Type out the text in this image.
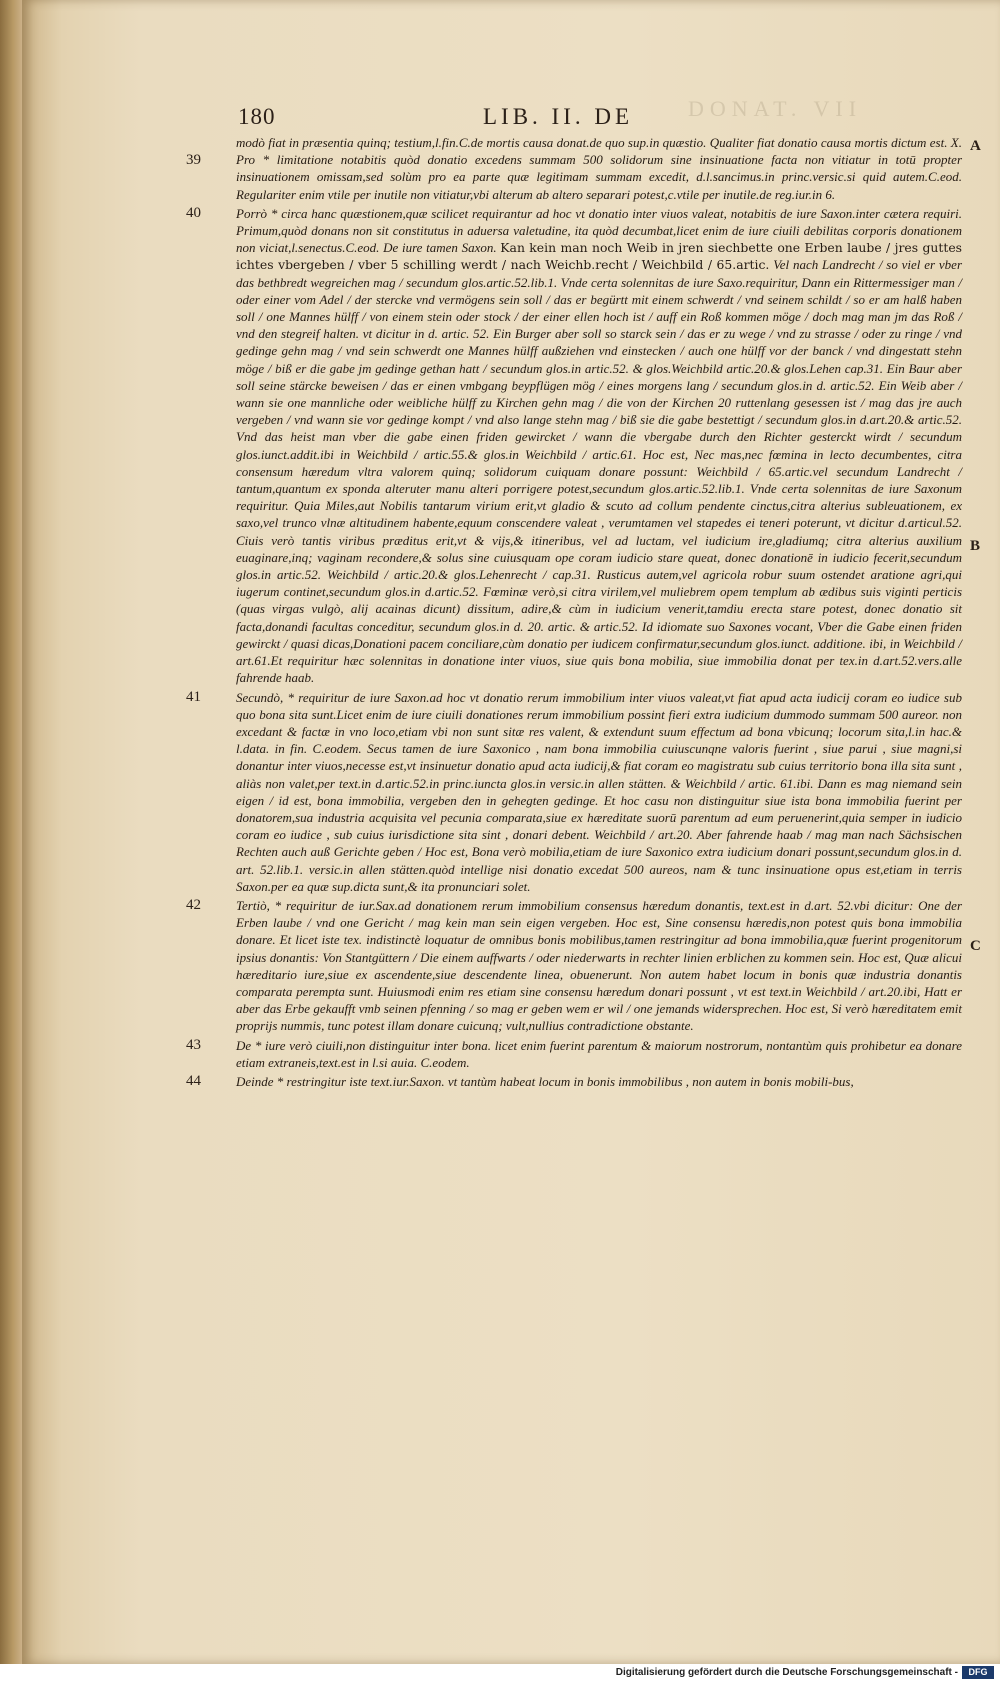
180	LIB. II. DE DONAT. VII
A
B
C
39

modò fiat in præsentia quinq; testium,l.fin.C.de mortis causa donat.de quo sup.in quæstio. Qualiter fiat donatio causa mortis dictum est. X. Pro * limitatione notabitis quòd donatio excedens summam 500 solidorum sine insinuatione facta non vitiatur in totū propter insinuationem omissam,sed solùm pro ea parte quæ legitimam summam excedit, d.l.sancimus.in princ.versic.si quid autem.C.eod. Regulariter enim vtile per inutile non vitiatur,vbi alterum ab altero separari potest,c.vtile per inutile.de reg.iur.in 6.

40	Porrò * circa hanc quæstionem,quæ scilicet requirantur ad hoc vt donatio inter viuos valeat, notabitis de iure Saxon.inter cætera requiri. Primum,quòd donans non sit constitutus in aduersa valetudine, ita quòd decumbat,licet enim de iure ciuili debilitas corporis donationem non viciat,l.senectus.C.eod. De iure tamen Saxon. Kan kein man noch Weib in jren siechbette one Erben laube / jres guttes ichtes vbergeben / vber 5 schilling werdt / nach Weichb.recht / Weichbild / 65.artic. Vel nach Landrecht / so viel er vber das bethbredt wegreichen mag / secundum glos.artic.52.lib.1. Vnde certa solennitas de iure Saxo.requiritur, Dann ein Rittermessiger man / oder einer vom Adel / der stercke vnd vermögens sein soll / das er begürtt mit einem schwerdt / vnd seinem schildt / so er am halß haben soll / one Mannes hülff / von einem stein oder stock / der einer ellen hoch ist / auff ein Roß kommen möge / doch mag man jm das Roß / vnd den stegreif halten. vt dicitur in d. artic. 52. Ein Burger aber soll so starck sein / das er zu wege / vnd zu strasse / oder zu ringe / vnd gedinge gehn mag / vnd sein schwerdt one Mannes hülff außziehen vnd einstecken / auch one hülff vor der banck / vnd dingestatt stehn möge / biß er die gabe jm gedinge gethan hatt / secundum glos.in artic.52. & glos.Weichbild artic.20.& glos.Lehen cap.31. Ein Baur aber soll seine stärcke beweisen / das er einen vmbgang beypflügen mög / eines morgens lang / secundum glos.in d. artic.52. Ein Weib aber / wann sie one mannliche oder weibliche hülff zu Kirchen gehn mag / die von der Kirchen 20 ruttenlang gesessen ist / mag das jre auch vergeben / vnd wann sie vor gedinge kompt / vnd also lange stehn mag / biß sie die gabe bestettigt / secundum glos.in d.art.20.& artic.52. Vnd das heist man vber die gabe einen friden gewircket / wann die vbergabe durch den Richter gesterckt wirdt / secundum glos.iunct.addit.ibi in Weichbild / artic.55.& glos.in Weichbild / artic.61. Hoc est, Nec mas,nec fœmina in lecto decumbentes, citra consensum hæredum vltra valorem quinq; solidorum cuiquam donare possunt: Weichbild / 65.artic.vel secundum Landrecht / tantum,quantum ex sponda alteruter manu alteri porrigere potest,secundum glos.artic.52.lib.1. Vnde certa solennitas de iure Saxonum requiritur. Quia Miles,aut Nobilis tantarum virium erit,vt gladio & scuto ad collum pendente cinctus,citra alterius subleuationem, ex saxo,vel trunco vlnæ altitudinem habente,equum conscendere valeat , verumtamen vel stapedes ei teneri poterunt, vt dicitur d.articul.52. Ciuis verò tantis viribus præditus erit,vt & vijs,& itineribus, vel ad luctam, vel iudicium ire,gladiumq; citra alterius auxilium euaginare,inq; vaginam recondere,& solus sine cuiusquam ope coram iudicio stare queat, donec donationē in iudicio fecerit,secundum glos.in artic.52. Weichbild / artic.20.& glos.Lehenrecht / cap.31. Rusticus autem,vel agricola robur suum ostendet aratione agri,qui iugerum continet,secundum glos.in d.artic.52. Fœminæ verò,si citra virilem,vel muliebrem opem templum ab ædibus suis viginti perticis (quas virgas vulgò, alij acainas dicunt) dissitum, adire,& cùm in iudicium venerit,tamdiu erecta stare potest, donec donatio sit facta,donandi facultas conceditur, secundum glos.in d. 20. artic. & artic.52. Id idiomate suo Saxones vocant, Vber die Gabe einen friden gewirckt / quasi dicas,Donationi pacem conciliare,cùm donatio per iudicem confirmatur,secundum glos.iunct. additione. ibi, in Weichbild / art.61.Et requiritur hæc solennitas in donatione inter viuos, siue quis bona mobilia, siue immobilia donat per tex.in d.art.52.vers.alle fahrende haab.

41	Secundò, * requiritur de iure Saxon.ad hoc vt donatio rerum immobilium inter viuos valeat,vt fiat apud acta iudicij coram eo iudice sub quo bona sita sunt.Licet enim de iure ciuili donationes rerum immobilium possint fieri extra iudicium dummodo summam 500 aureor. non excedant & factæ in vno loco,etiam vbi non sunt sitæ res valent, & extendunt suum effectum ad bona vbicunq; locorum sita,l.in hac.& l.data. in fin. C.eodem. Secus tamen de iure Saxonico , nam bona immobilia cuiuscunqne valoris fuerint , siue parui , siue magni,si donantur inter viuos,necesse est,vt insinuetur donatio apud acta iudicij,& fiat coram eo magistratu sub cuius territorio bona illa sita sunt , aliàs non valet,per text.in d.artic.52.in princ.iuncta glos.in versic.in allen stätten. & Weichbild / artic. 61.ibi. Dann es mag niemand sein eigen / id est, bona immobilia, vergeben den in gehegten gedinge. Et hoc casu non distinguitur siue ista bona immobilia fuerint per donatorem,sua industria acquisita vel pecunia comparata,siue ex hæreditate suorū parentum ad eum peruenerint,quia semper in iudicio coram eo iudice , sub cuius iurisdictione sita sint , donari debent. Weichbild / art.20. Aber fahrende haab / mag man nach Sächsischen Rechten auch auß Gerichte geben / Hoc est, Bona verò mobilia,etiam de iure Saxonico extra iudicium donari possunt,secundum glos.in d. art. 52.lib.1. versic.in allen stätten.quòd intellige nisi donatio excedat 500 aureos, nam & tunc insinuatione opus est,etiam in terris Saxon.per ea quæ sup.dicta sunt,& ita pronunciari solet.

42	Tertiò, * requiritur de iur.Sax.ad donationem rerum immobilium consensus hæredum donantis, text.est in d.art. 52.vbi dicitur: One der Erben laube / vnd one Gericht / mag kein man sein eigen vergeben. Hoc est, Sine consensu hæredis,non potest quis bona immobilia donare. Et licet iste tex. indistinctè loquatur de omnibus bonis mobilibus,tamen restringitur ad bona immobilia,quæ fuerint progenitorum ipsius donantis: Von Stantgüttern / Die einem auffwarts / oder niederwarts in rechter linien erblichen zu kommen sein. Hoc est, Quæ alicui hæreditario iure,siue ex ascendente,siue descendente linea, obuenerunt. Non autem habet locum in bonis quæ industria donantis comparata perempta sunt. Huiusmodi enim res etiam sine consensu hæredum donari possunt , vt est text.in Weichbild / art.20.ibi, Hatt er aber das Erbe gekaufft vmb seinen pfenning / so mag er geben wem er wil / one jemands widersprechen. Hoc est, Si verò hæreditatem emit proprijs nummis, tunc potest illam donare cuicunq; vult,nullius contradictione obstante.

43	De * iure verò ciuili,non distinguitur inter bona. licet enim fuerint parentum & maiorum nostrorum, nontantùm quis prohibetur ea donare etiam extraneis,text.est in l.si auia. C.eodem.

44	Deinde * restringitur iste text.iur.Saxon. vt tantùm habeat locum in bonis immobilibus , non autem in bonis mobili-bus,

Digitalisierung gefördert durch die Deutsche Forschungsgemeinschaft -	DFG
